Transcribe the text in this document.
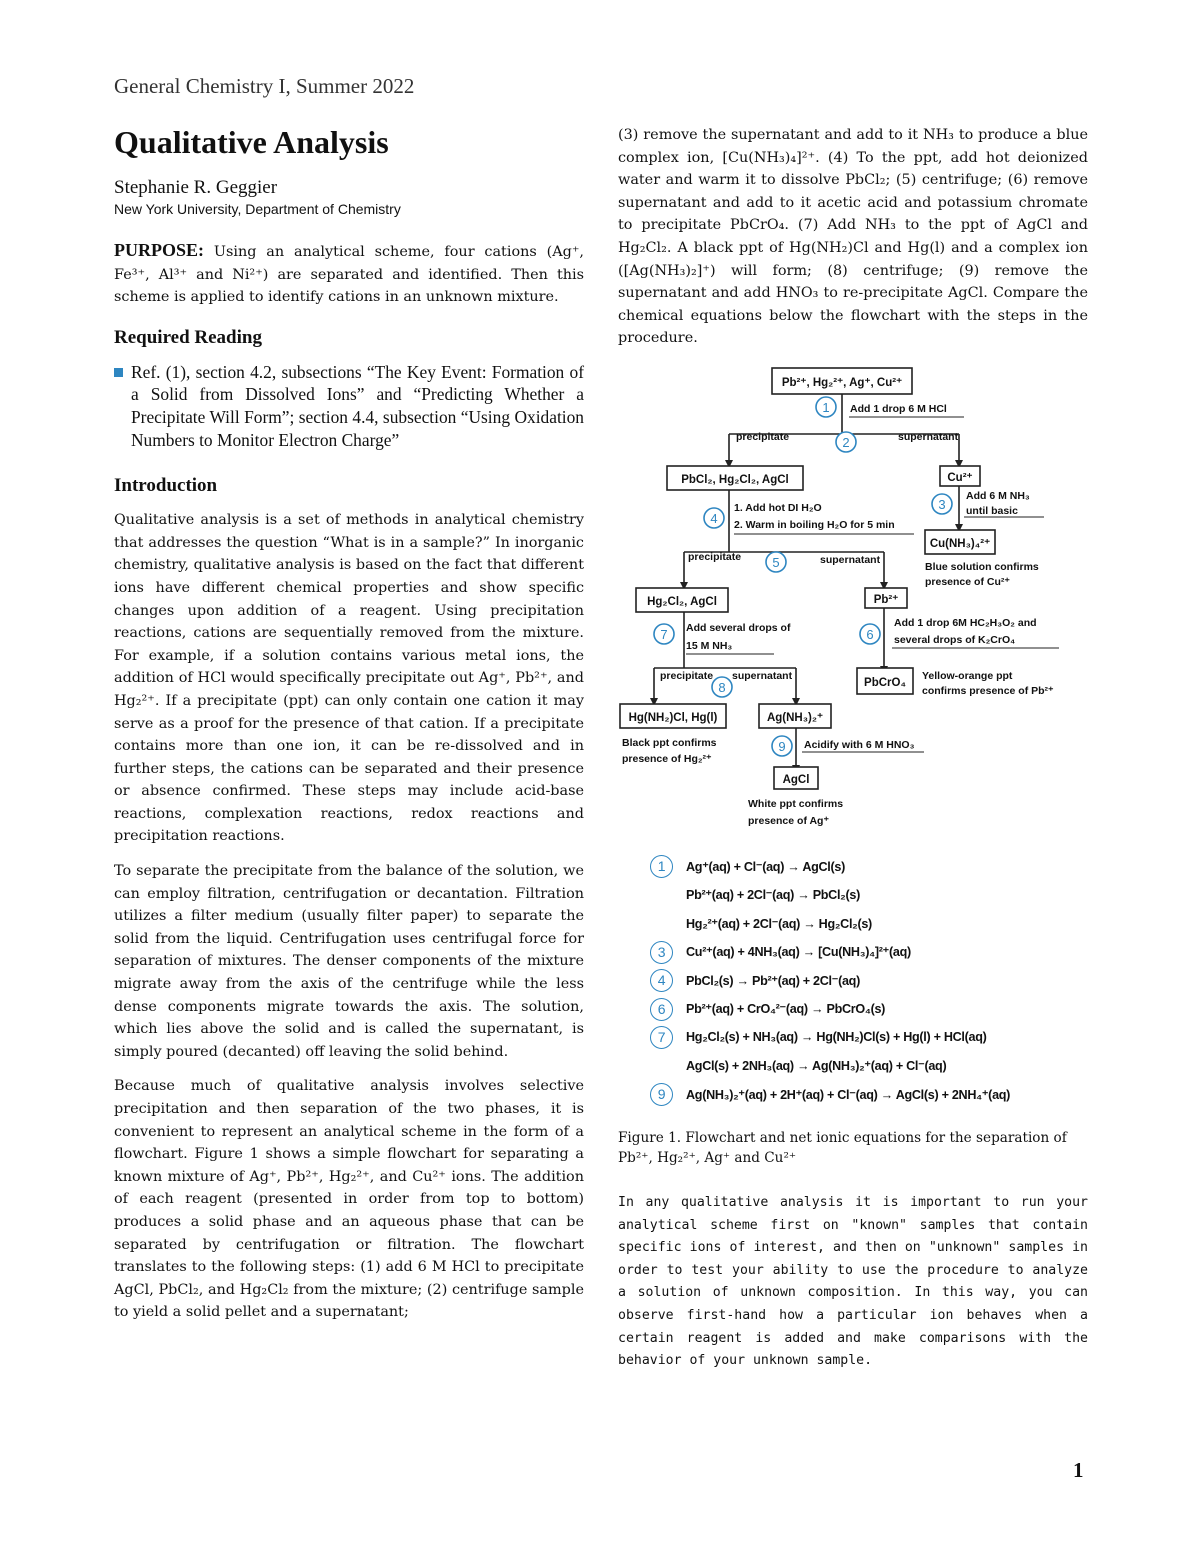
General Chemistry I, Summer 2022
Qualitative Analysis
Stephanie R. Geggier
New York University, Department of Chemistry

PURPOSE: Using an analytical scheme, four cations (Ag⁺, Fe³⁺, Al³⁺ and Ni²⁺) are separated and identified. Then this scheme is applied to identify cations in an unknown mixture.

Required Reading

Ref. (1), section 4.2, subsections “The Key Event: Formation of a Solid from Dissolved Ions” and “Predicting Whether a Precipitate Will Form”; section 4.4, subsection “Using Oxidation Numbers to Monitor Electron Charge”

Introduction

Qualitative analysis is a set of methods in analytical chemistry that addresses the question “What is in a sample?” In inorganic chemistry, qualitative analysis is based on the fact that different ions have different chemical properties and show specific changes upon addition of a reagent. Using precipitation reactions, cations are sequentially removed from the mixture. For example, if a solution contains various metal ions, the addition of HCl would specifically precipitate out Ag⁺, Pb²⁺, and Hg₂²⁺. If a precipitate (ppt) can only contain one cation it may serve as a proof for the presence of that cation. If a precipitate contains more than one ion, it can be re-dissolved and in further steps, the cations can be separated and their presence or absence confirmed. These steps may include acid-base reactions, complexation reactions, redox reactions and precipitation reactions.

To separate the precipitate from the balance of the solution, we can employ filtration, centrifugation or decantation. Filtration utilizes a filter medium (usually filter paper) to separate the solid from the liquid. Centrifugation uses centrifugal force for separation of mixtures. The denser components of the mixture migrate away from the axis of the centrifuge while the less dense components migrate towards the axis. The solution, which lies above the solid and is called the supernatant, is simply poured (decanted) off leaving the solid behind.

Because much of qualitative analysis involves selective precipitation and then separation of the two phases, it is convenient to represent an analytical scheme in the form of a flowchart. Figure 1 shows a simple flowchart for separating a known mixture of Ag⁺, Pb²⁺, Hg₂²⁺, and Cu²⁺ ions. The addition of each reagent (presented in order from top to bottom) produces a solid phase and an aqueous phase that can be separated by centrifugation or filtration. The flowchart translates to the following steps: (1) add 6 M HCl to precipitate AgCl, PbCl₂, and Hg₂Cl₂ from the mixture; (2) centrifuge sample to yield a solid pellet and a supernatant;

(3) remove the supernatant and add to it NH₃ to produce a blue complex ion, [Cu(NH₃)₄]²⁺. (4) To the ppt, add hot deionized water and warm it to dissolve PbCl₂; (5) centrifuge; (6) remove supernatant and add to it acetic acid and potassium chromate to precipitate PbCrO₄. (7) Add NH₃ to the ppt of AgCl and Hg₂Cl₂. A black ppt of Hg(NH₂)Cl and Hg(l) and a complex ion ([Ag(NH₃)₂]⁺) will form; (8) centrifuge; (9) remove the supernatant and add HNO₃ to re-precipitate AgCl. Compare the chemical equations below the flowchart with the steps in the procedure.

Pb²⁺, Hg₂²⁺, Ag⁺, Cu²⁺
PbCl₂, Hg₂Cl₂, AgCl	Cu²⁺
Cu(NH₃)₄²⁺
Hg₂Cl₂, AgCl	Pb²⁺
PbCrO₄
Hg(NH₂)Cl, Hg(l)	Ag(NH₃)₂⁺
AgCl
Add 1 drop 6 M HCl
precipitate	supernatant
Add 6 M NH₃
until basic
Blue solution confirms
presence of Cu²⁺
1. Add hot DI H₂O
2. Warm in boiling H₂O for 5 min
precipitate	supernatant
Add 1 drop 6M HC₂H₃O₂ and
several drops of K₂CrO₄
Yellow-orange ppt
confirms presence of Pb²⁺
Add several drops of
15 M NH₃
precipitate supernatant
Black ppt confirms
presence of Hg₂²⁺
Acidify with 6 M HNO₃
White ppt confirms
presence of Ag⁺
1
2
3
4
5
6
7
8
9
1	Ag⁺(aq) + Cl⁻(aq) → AgCl(s)
Pb²⁺(aq) + 2Cl⁻(aq) → PbCl₂(s)
Hg₂²⁺(aq) + 2Cl⁻(aq) → Hg₂Cl₂(s)
3	Cu²⁺(aq) + 4NH₃(aq) → [Cu(NH₃)₄]²⁺(aq)
4	PbCl₂(s) → Pb²⁺(aq) + 2Cl⁻(aq)
6	Pb²⁺(aq) + CrO₄²⁻(aq) → PbCrO₄(s)
7	Hg₂Cl₂(s) + NH₃(aq) → Hg(NH₂)Cl(s) + Hg(l) + HCl(aq)
AgCl(s) + 2NH₃(aq) → Ag(NH₃)₂⁺(aq) + Cl⁻(aq)
9	Ag(NH₃)₂⁺(aq) + 2H⁺(aq) + Cl⁻(aq) → AgCl(s) + 2NH₄⁺(aq)
Figure 1. Flowchart and net ionic equations for the separation of Pb²⁺, Hg₂²⁺, Ag⁺ and Cu²⁺

In any qualitative analysis it is important to run your analytical scheme first on "known" samples that contain specific ions of interest, and then on "unknown" samples in order to test your ability to use the procedure to analyze a solution of unknown composition. In this way, you can observe first-hand how a particular ion behaves when a certain reagent is added and make comparisons with the behavior of your unknown sample.

1
